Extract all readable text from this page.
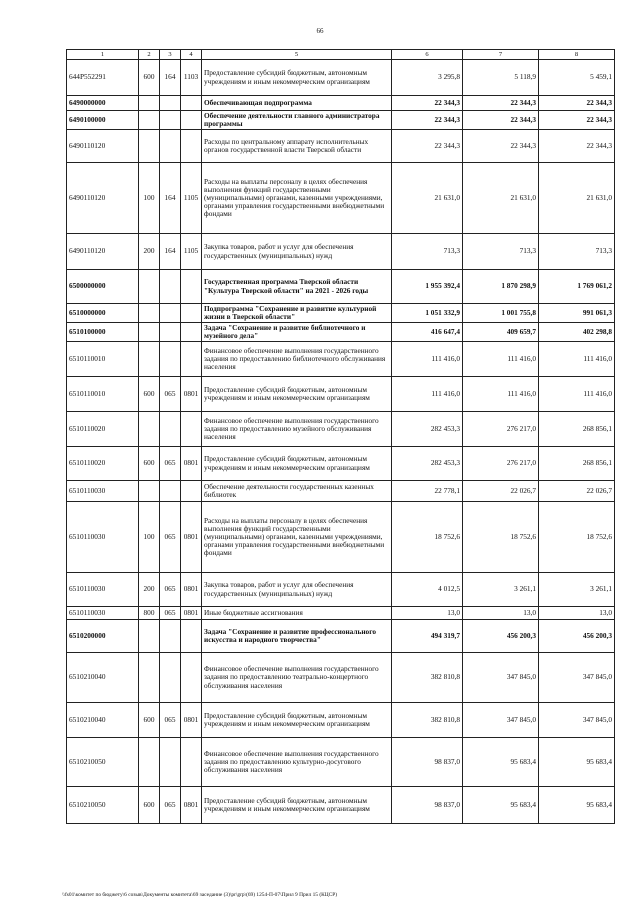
66
1	2	3	4	5	6	7	8
644P552291	600	164	1103	Предоставление субсидий бюджетным, автономным учреждениям и иным некоммерческим организациям	3 295,8	5 118,9	5 459,1
6490000000				Обеспечивающая подпрограмма	22 344,3	22 344,3	22 344,3
6490100000				Обеспечение деятельности главного администратора программы	22 344,3	22 344,3	22 344,3
6490110120				Расходы по центральному аппарату исполнительных органов государственной власти Тверской области	22 344,3	22 344,3	22 344,3
6490110120	100	164	1105	Расходы на выплаты персоналу в целях обеспечения выполнения функций государственными (муниципальными) органами, казенными учреждениями, органами управления государственными внебюджетными фондами	21 631,0	21 631,0	21 631,0
6490110120	200	164	1105	Закупка товаров, работ и услуг для обеспечения государственных (муниципальных) нужд	713,3	713,3	713,3
6500000000				Государственная программа Тверской области "Культура Тверской области" на 2021 - 2026 годы	1 955 392,4	1 870 298,9	1 769 061,2
6510000000				Подпрограмма "Сохранение и развитие культурной жизни в Тверской области"	1 051 332,9	1 001 755,8	991 061,3
6510100000				Задача "Сохранение и развитие библиотечного и музейного дела"	416 647,4	409 659,7	402 298,8
6510110010				Финансовое обеспечение выполнения государственного задания по предоставлению библиотечного обслуживания населения	111 416,0	111 416,0	111 416,0
6510110010	600	065	0801	Предоставление субсидий бюджетным, автономным учреждениям и иным некоммерческим организациям	111 416,0	111 416,0	111 416,0
6510110020				Финансовое обеспечение выполнения государственного задания по предоставлению музейного обслуживания населения	282 453,3	276 217,0	268 856,1
6510110020	600	065	0801	Предоставление субсидий бюджетным, автономным учреждениям и иным некоммерческим организациям	282 453,3	276 217,0	268 856,1
6510110030				Обеспечение деятельности государственных казенных библиотек	22 778,1	22 026,7	22 026,7
6510110030	100	065	0801	Расходы на выплаты персоналу в целях обеспечения выполнения функций государственными (муниципальными) органами, казенными учреждениями, органами управления государственными внебюджетными фондами	18 752,6	18 752,6	18 752,6
6510110030	200	065	0801	Закупка товаров, работ и услуг для обеспечения государственных (муниципальных) нужд	4 012,5	3 261,1	3 261,1
6510110030	800	065	0801	Иные бюджетные ассигнования	13,0	13,0	13,0
6510200000				Задача "Сохранение и развитие профессионального искусства и народного творчества"	494 319,7	456 200,3	456 200,3
6510210040				Финансовое обеспечение выполнения государственного задания по предоставлению театрально-концертного обслуживания населения	382 810,8	347 845,0	347 845,0
6510210040	600	065	0801	Предоставление субсидий бюджетным, автономным учреждениям и иным некоммерческим организациям	382 810,8	347 845,0	347 845,0
6510210050				Финансовое обеспечение выполнения государственного задания по предоставлению культурно-досугового обслуживания населения	98 837,0	95 683,4	95 683,4
6510210050	600	065	0801	Предоставление субсидий бюджетным, автономным учреждениям и иным некоммерческим организациям	98 837,0	95 683,4	95 683,4
\\fs01\комитет по бюджету\6 созыв\Документы комитета\69 заседание (3)\pr\grp\(69) 1254-П-07\Прил 9 Прил 15 (КЦСР)
